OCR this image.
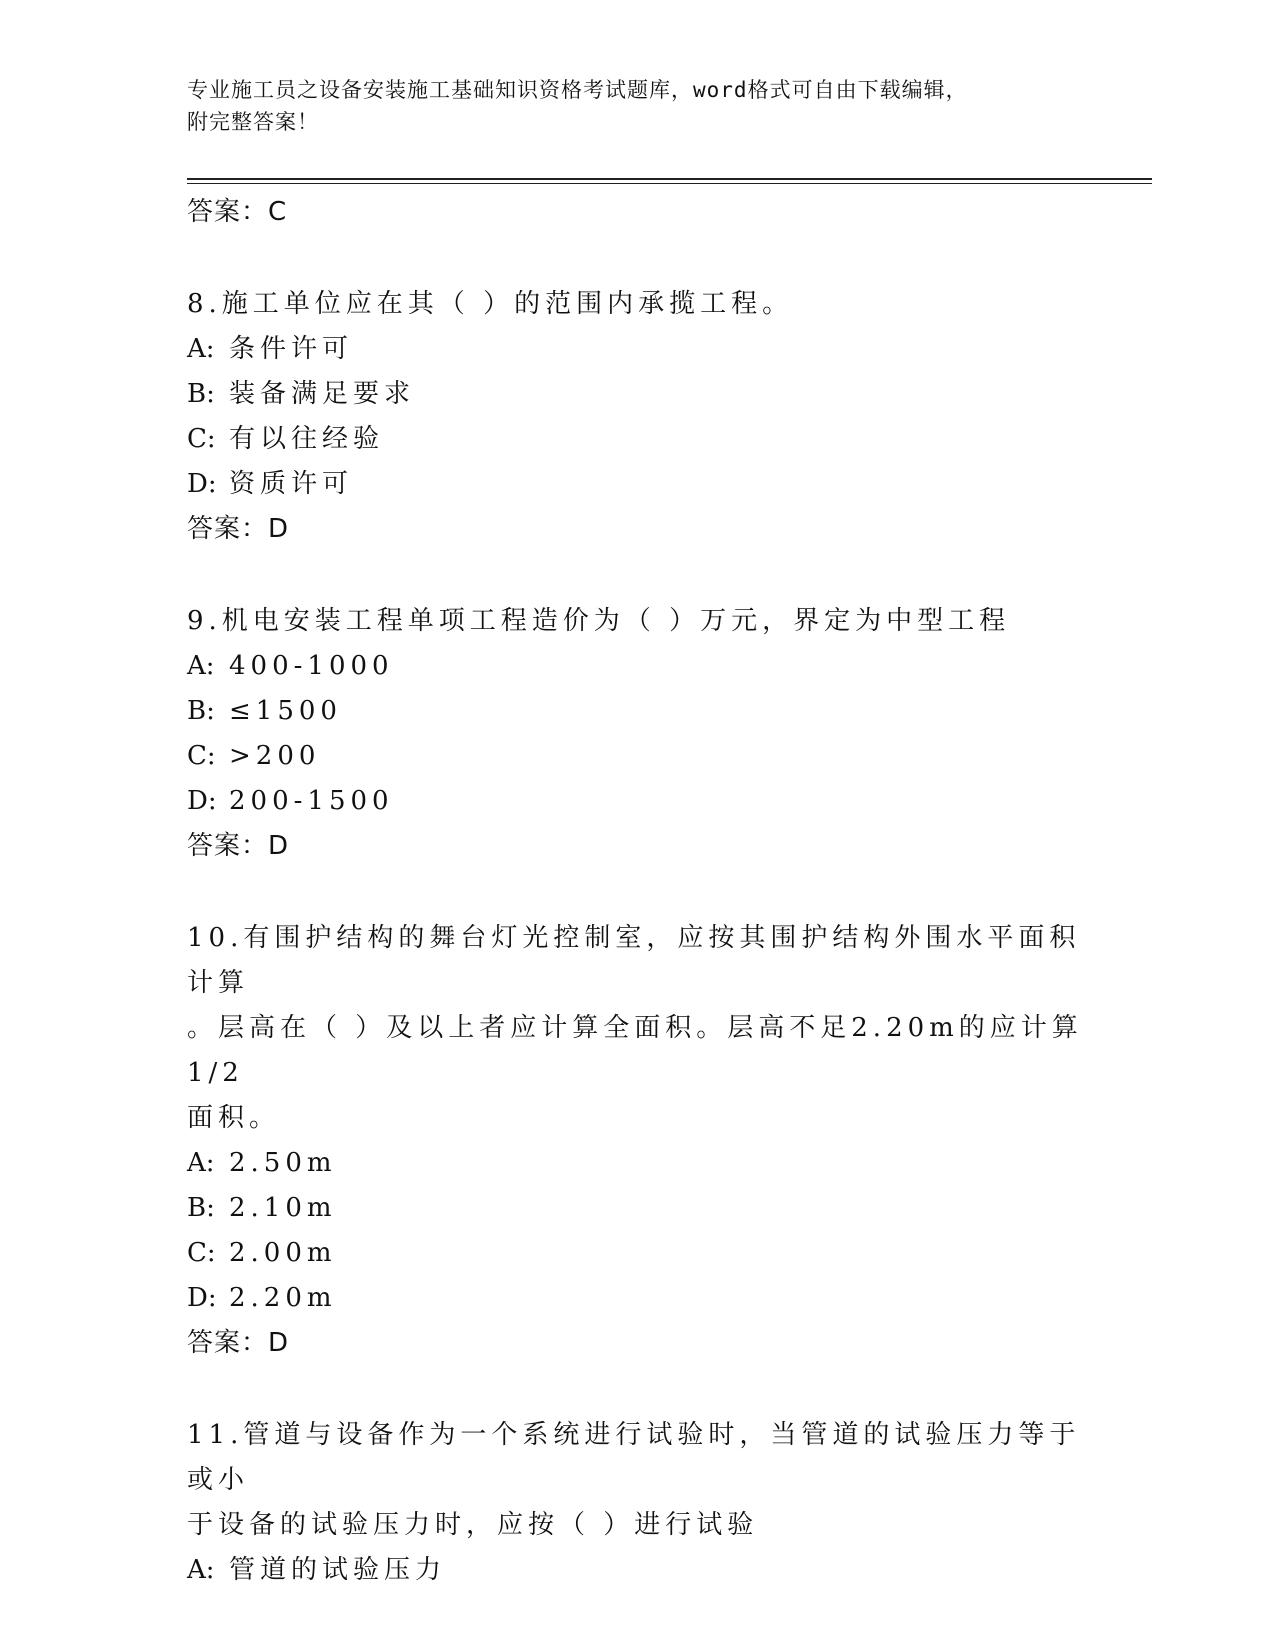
专业施工员之设备安装施工基础知识资格考试题库，word格式可自由下载编辑，
附完整答案！
答案：C
8.施工单位应在其（ ）的范围内承揽工程。
A: 条件许可
B: 装备满足要求
C: 有以往经验
D: 资质许可
答案：D
9.机电安装工程单项工程造价为（ ）万元，界定为中型工程
A: 400-1000
B: ≤1500
C: >200
D: 200-1500
答案：D
10.有围护结构的舞台灯光控制室，应按其围护结构外围水平面积计算
。层高在（ ）及以上者应计算全面积。层高不足2.20m的应计算1/2
面积。
A: 2.50m
B: 2.10m
C: 2.00m
D: 2.20m
答案：D
11.管道与设备作为一个系统进行试验时，当管道的试验压力等于或小
于设备的试验压力时，应按（ ）进行试验
A: 管道的试验压力
